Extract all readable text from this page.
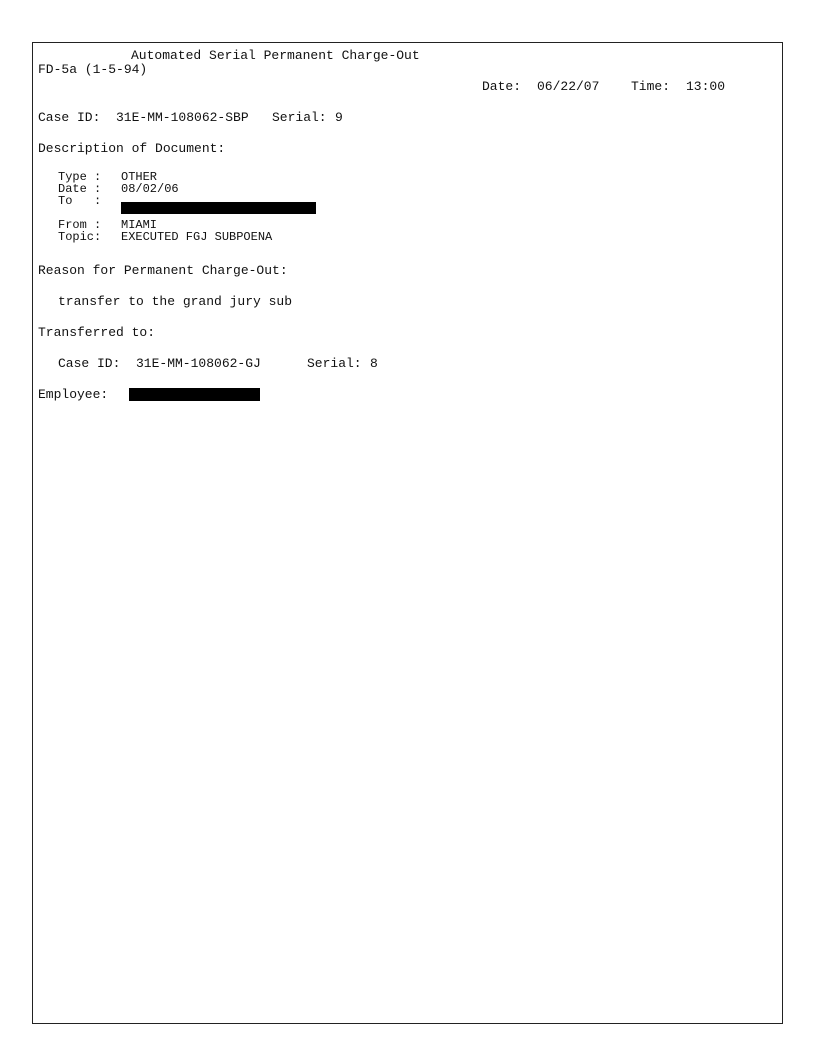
Automated Serial Permanent Charge-Out
FD-5a (1-5-94)
Date: 06/22/07 Time: 13:00
Case ID: 31E-MM-108062-SBP Serial: 9
Description of Document:
Type : OTHER
Date : 08/02/06
To   :
From : MIAMI
Topic: EXECUTED FGJ SUBPOENA
Reason for Permanent Charge-Out:
transfer to the grand jury sub
Transferred to:
Case ID: 31E-MM-108062-GJ	Serial: 8
Employee:
